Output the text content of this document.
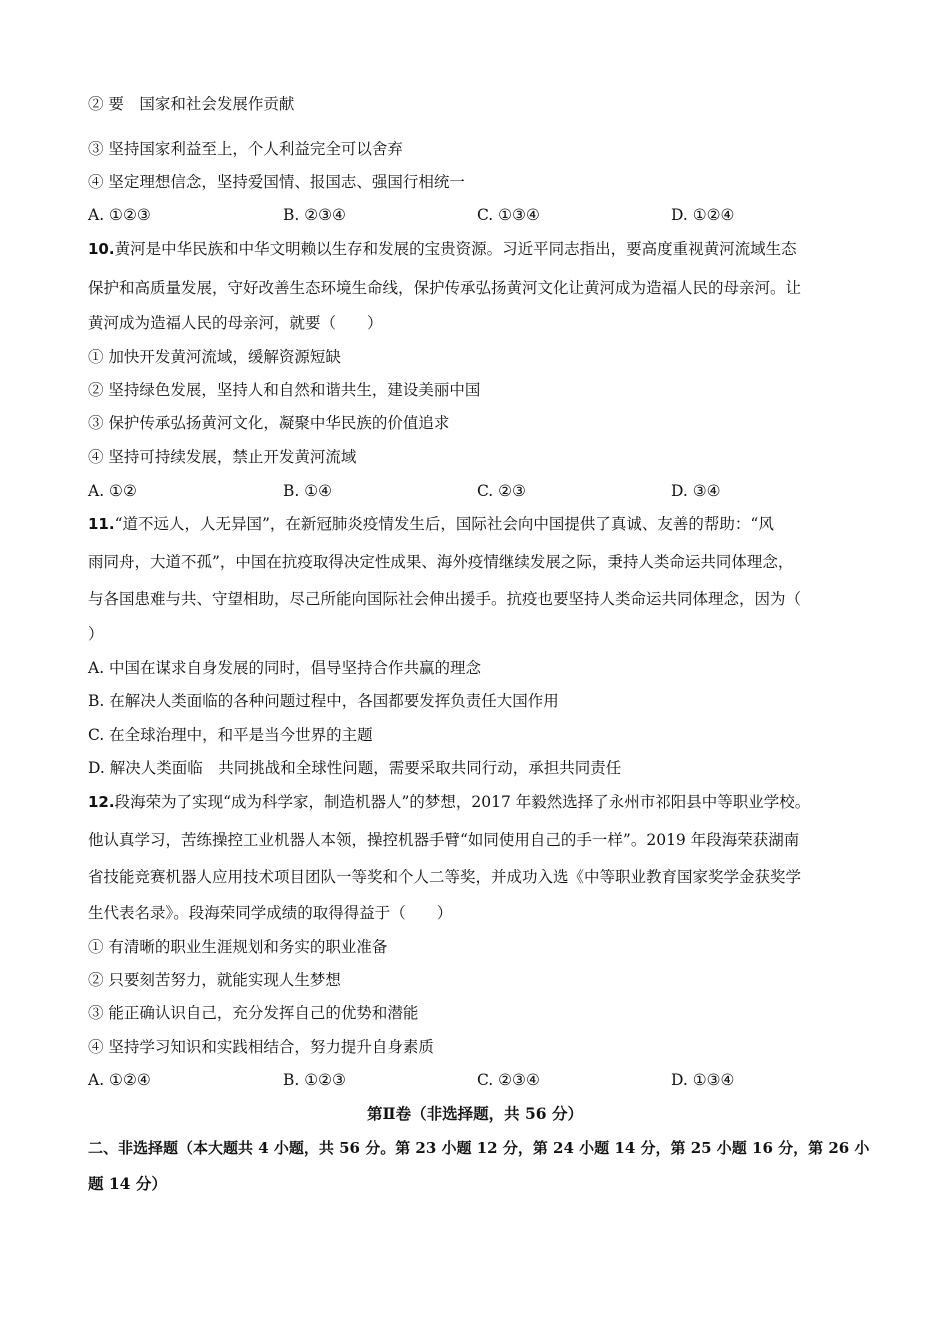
② 要　国家和社会发展作贡献
③ 坚持国家利益至上，个人利益完全可以舍弃
④ 坚定理想信念，坚持爱国情、报国志、强国行相统一
A. ①②③	B. ②③④	C. ①③④	D. ①②④
10.黄河是中华民族和中华文明赖以生存和发展的宝贵资源。习近平同志指出，要高度重视黄河流域生态
保护和高质量发展，守好改善生态环境生命线，保护传承弘扬黄河文化让黄河成为造福人民的母亲河。让
黄河成为造福人民的母亲河，就要（　　）
① 加快开发黄河流域，缓解资源短缺
② 坚持绿色发展，坚持人和自然和谐共生，建设美丽中国
③ 保护传承弘扬黄河文化，凝聚中华民族的价值追求
④ 坚持可持续发展，禁止开发黄河流域
A. ①②	B. ①④	C. ②③	D. ③④
11.“道不远人，人无异国”，在新冠肺炎疫情发生后，国际社会向中国提供了真诚、友善的帮助：“风
雨同舟，大道不孤”，中国在抗疫取得决定性成果、海外疫情继续发展之际，秉持人类命运共同体理念，
与各国患难与共、守望相助，尽己所能向国际社会伸出援手。抗疫也要坚持人类命运共同体理念，因为（
）
A. 中国在谋求自身发展的同时，倡导坚持合作共赢的理念
B. 在解决人类面临的各种问题过程中，各国都要发挥负责任大国作用
C. 在全球治理中，和平是当今世界的主题
D. 解决人类面临　共同挑战和全球性问题，需要采取共同行动，承担共同责任
12.段海荣为了实现“成为科学家，制造机器人”的梦想，2017 年毅然选择了永州市祁阳县中等职业学校。
他认真学习，苦练操控工业机器人本领，操控机器手臂“如同使用自己的手一样”。2019 年段海荣获湖南
省技能竞赛机器人应用技术项目团队一等奖和个人二等奖，并成功入选《中等职业教育国家奖学金获奖学
生代表名录》。段海荣同学成绩的取得得益于（　　）
① 有清晰的职业生涯规划和务实的职业准备
② 只要刻苦努力，就能实现人生梦想
③ 能正确认识自己，充分发挥自己的优势和潜能
④ 坚持学习知识和实践相结合，努力提升自身素质
A. ①②④	B. ①②③	C. ②③④	D. ①③④
第Ⅱ卷（非选择题，共 56 分）
二、非选择题（本大题共 4 小题，共 56 分。第 23 小题 12 分，第 24 小题 14 分，第 25 小题 16 分，第 26 小
题 14 分）
